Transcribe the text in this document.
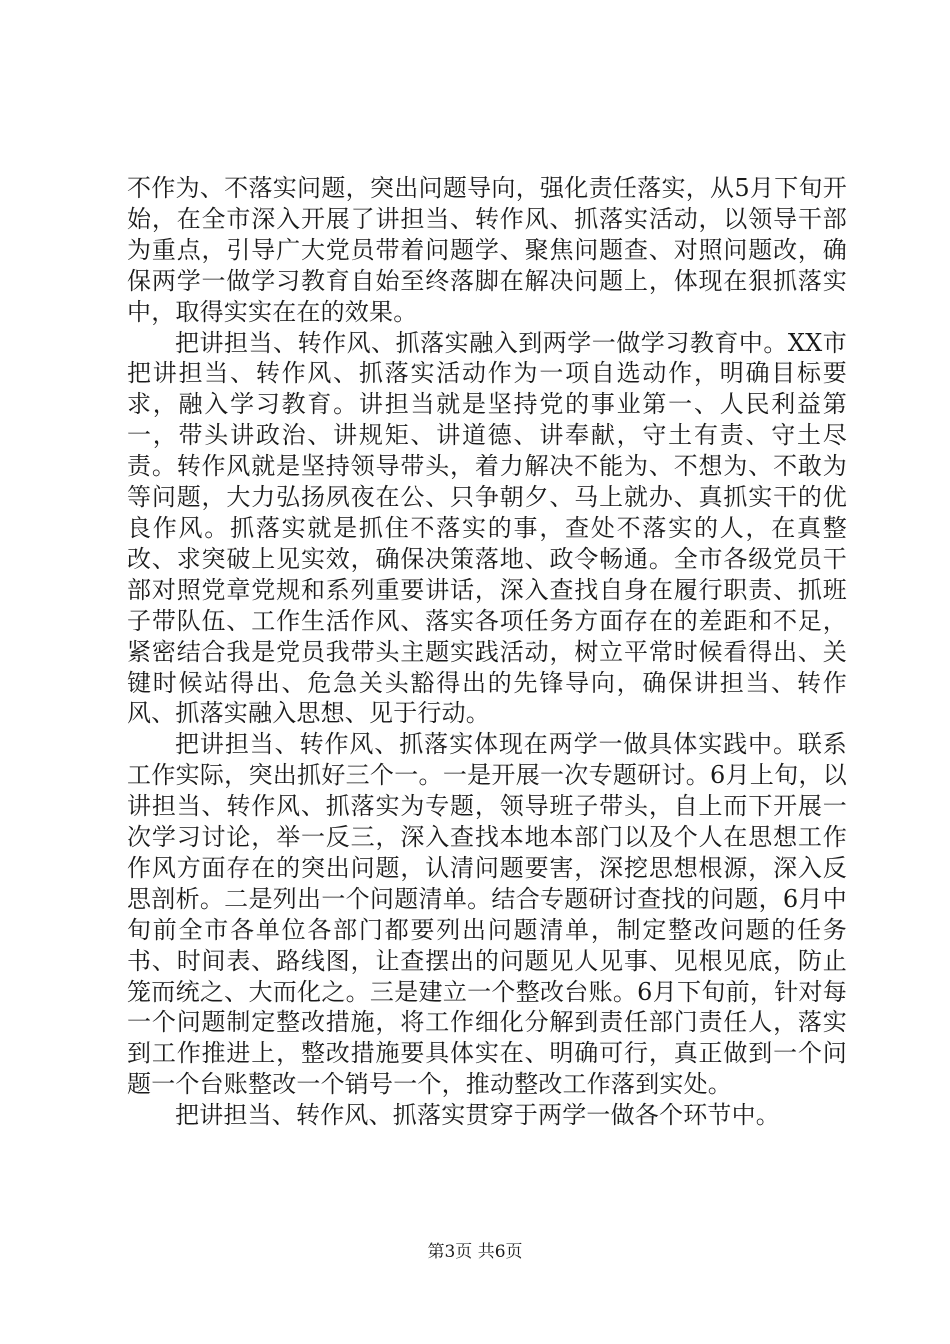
不作为、不落实问题，突出问题导向，强化责任落实，从5月下旬开始，在全市深入开展了讲担当、转作风、抓落实活动，以领导干部为重点，引导广大党员带着问题学、聚焦问题查、对照问题改，确保两学一做学习教育自始至终落脚在解决问题上，体现在狠抓落实中，取得实实在在的效果。

把讲担当、转作风、抓落实融入到两学一做学习教育中。XX市把讲担当、转作风、抓落实活动作为一项自选动作，明确目标要求，融入学习教育。讲担当就是坚持党的事业第一、人民利益第一，带头讲政治、讲规矩、讲道德、讲奉献，守土有责、守土尽责。转作风就是坚持领导带头，着力解决不能为、不想为、不敢为等问题，大力弘扬夙夜在公、只争朝夕、马上就办、真抓实干的优良作风。抓落实就是抓住不落实的事，查处不落实的人，在真整改、求突破上见实效，确保决策落地、政令畅通。全市各级党员干部对照党章党规和系列重要讲话，深入查找自身在履行职责、抓班子带队伍、工作生活作风、落实各项任务方面存在的差距和不足，紧密结合我是党员我带头主题实践活动，树立平常时候看得出、关键时候站得出、危急关头豁得出的先锋导向，确保讲担当、转作风、抓落实融入思想、见于行动。

把讲担当、转作风、抓落实体现在两学一做具体实践中。联系工作实际，突出抓好三个一。一是开展一次专题研讨。6月上旬，以讲担当、转作风、抓落实为专题，领导班子带头，自上而下开展一次学习讨论，举一反三，深入查找本地本部门以及个人在思想工作作风方面存在的突出问题，认清问题要害，深挖思想根源，深入反思剖析。二是列出一个问题清单。结合专题研讨查找的问题，6月中旬前全市各单位各部门都要列出问题清单，制定整改问题的任务书、时间表、路线图，让查摆出的问题见人见事、见根见底，防止笼而统之、大而化之。三是建立一个整改台账。6月下旬前，针对每一个问题制定整改措施，将工作细化分解到责任部门责任人，落实到工作推进上，整改措施要具体实在、明确可行，真正做到一个问题一个台账整改一个销号一个，推动整改工作落到实处。

把讲担当、转作风、抓落实贯穿于两学一做各个环节中。

第3页 共6页
